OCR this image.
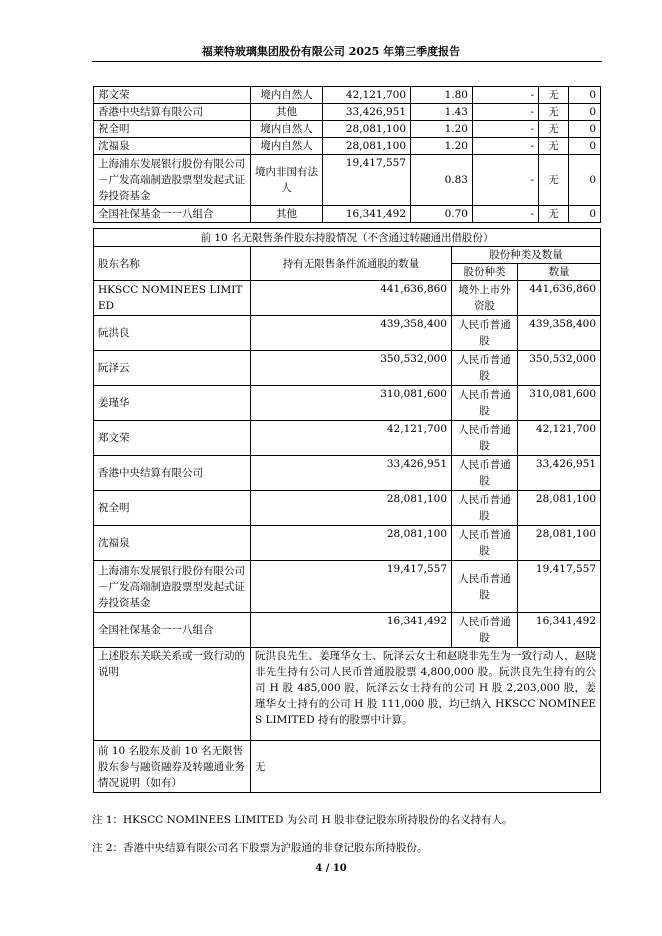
福莱特玻璃集团股份有限公司 2025 年第三季度报告
郑文荣	境内自然人	42,121,700	1.80	-	无	0
香港中央结算有限公司	其他	33,426,951	1.43	-	无	0
祝全明	境内自然人	28,081,100	1.20	-	无	0
沈福泉	境内自然人	28,081,100	1.20	-	无	0
上海浦东发展银行股份有限公司－广发高端制造股票型发起式证券投资基金	境内非国有法人	19,417,557	0.83	-	无	0
全国社保基金一一八组合	其他	16,341,492	0.70	-	无	0
前 10 名无限售条件股东持股情况（不含通过转融通出借股份）			
股东名称	持有无限售条件流通股的数量	股份种类及数量	
		股份种类	数量
HKSCC NOMINEES LIMITED	441,636,860	境外上市外资股	441,636,860
阮洪良	439,358,400	人民币普通股	439,358,400
阮泽云	350,532,000	人民币普通股	350,532,000
姜瑾华	310,081,600	人民币普通股	310,081,600
郑文荣	42,121,700	人民币普通股	42,121,700
香港中央结算有限公司	33,426,951	人民币普通股	33,426,951
祝全明	28,081,100	人民币普通股	28,081,100
沈福泉	28,081,100	人民币普通股	28,081,100
上海浦东发展银行股份有限公司－广发高端制造股票型发起式证券投资基金	19,417,557	人民币普通股	19,417,557
全国社保基金一一八组合	16,341,492	人民币普通股	16,341,492
上述股东关联关系或一致行动的说明	阮洪良先生、姜瑾华女士、阮泽云女士和赵晓非先生为一致行动人，赵晓非先生持有公司人民币普通股股票 4,800,000 股。阮洪良先生持有的公司 H 股 485,000 股，阮泽云女士持有的公司 H 股 2,203,000 股，姜瑾华女士持有的公司 H 股 111,000 股，均已纳入 HKSCC NOMINEES LIMITED 持有的股票中计算。		
前 10 名股东及前 10 名无限售股东参与融资融券及转融通业务情况说明（如有）	无		
注 1：HKSCC NOMINEES LIMITED 为公司 H 股非登记股东所持股份的名义持有人。
注 2：香港中央结算有限公司名下股票为沪股通的非登记股东所持股份。
4 / 10
